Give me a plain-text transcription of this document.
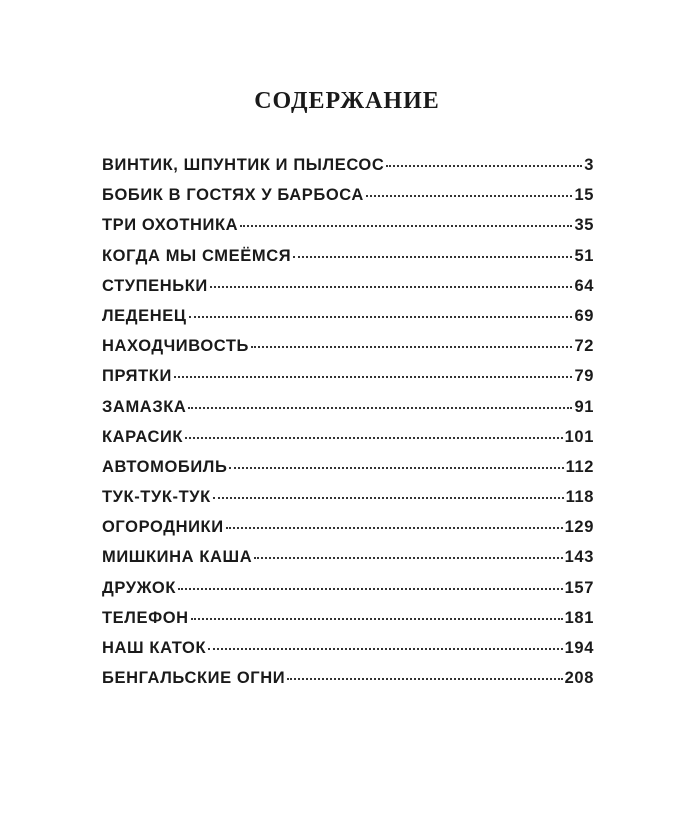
СОДЕРЖАНИЕ
ВИНТИК, ШПУНТИК И ПЫЛЕСОС	3
БОБИК В ГОСТЯХ У БАРБОСА	15
ТРИ ОХОТНИКА	35
КОГДА МЫ СМЕЁМСЯ	51
СТУПЕНЬКИ	64
ЛЕДЕНЕЦ	69
НАХОДЧИВОСТЬ	72
ПРЯТКИ	79
ЗАМАЗКА	91
КАРАСИК	101
АВТОМОБИЛЬ	112
ТУК-ТУК-ТУК	118
ОГОРОДНИКИ	129
МИШКИНА КАША	143
ДРУЖОК	157
ТЕЛЕФОН	181
НАШ КАТОК	194
БЕНГАЛЬСКИЕ ОГНИ	208
